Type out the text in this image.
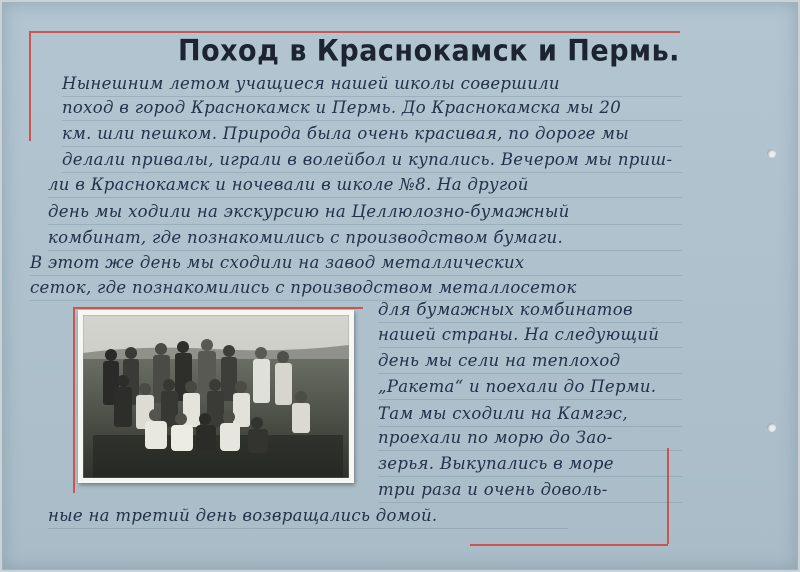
Поход в Краснокамск и Пермь.
Нынешним летом учащиеся нашей школы совершили
поход в город Краснокамск и Пермь. До Краснокамска мы 20
км. шли пешком. Природа была очень красивая, по дороге мы
делали привалы, играли в волейбол и купались. Вечером мы приш-
ли в Краснокамск и ночевали в школе №8. На другой
день мы ходили на экскурсию на Целлюлозно-бумажный
комбинат, где познакомились с производством бумаги.
В этот же день мы сходили на завод металлических
сеток, где познакомились с производством металлосеток
для бумажных комбинатов
нашей страны. На следующий
день мы сели на теплоход
„Ракета“ и поехали до Перми.
Там мы сходили на Камгэс,
проехали по морю до Зао-
зерья. Выкупались в море
три раза и очень доволь-
ные на третий день возвращались домой.
